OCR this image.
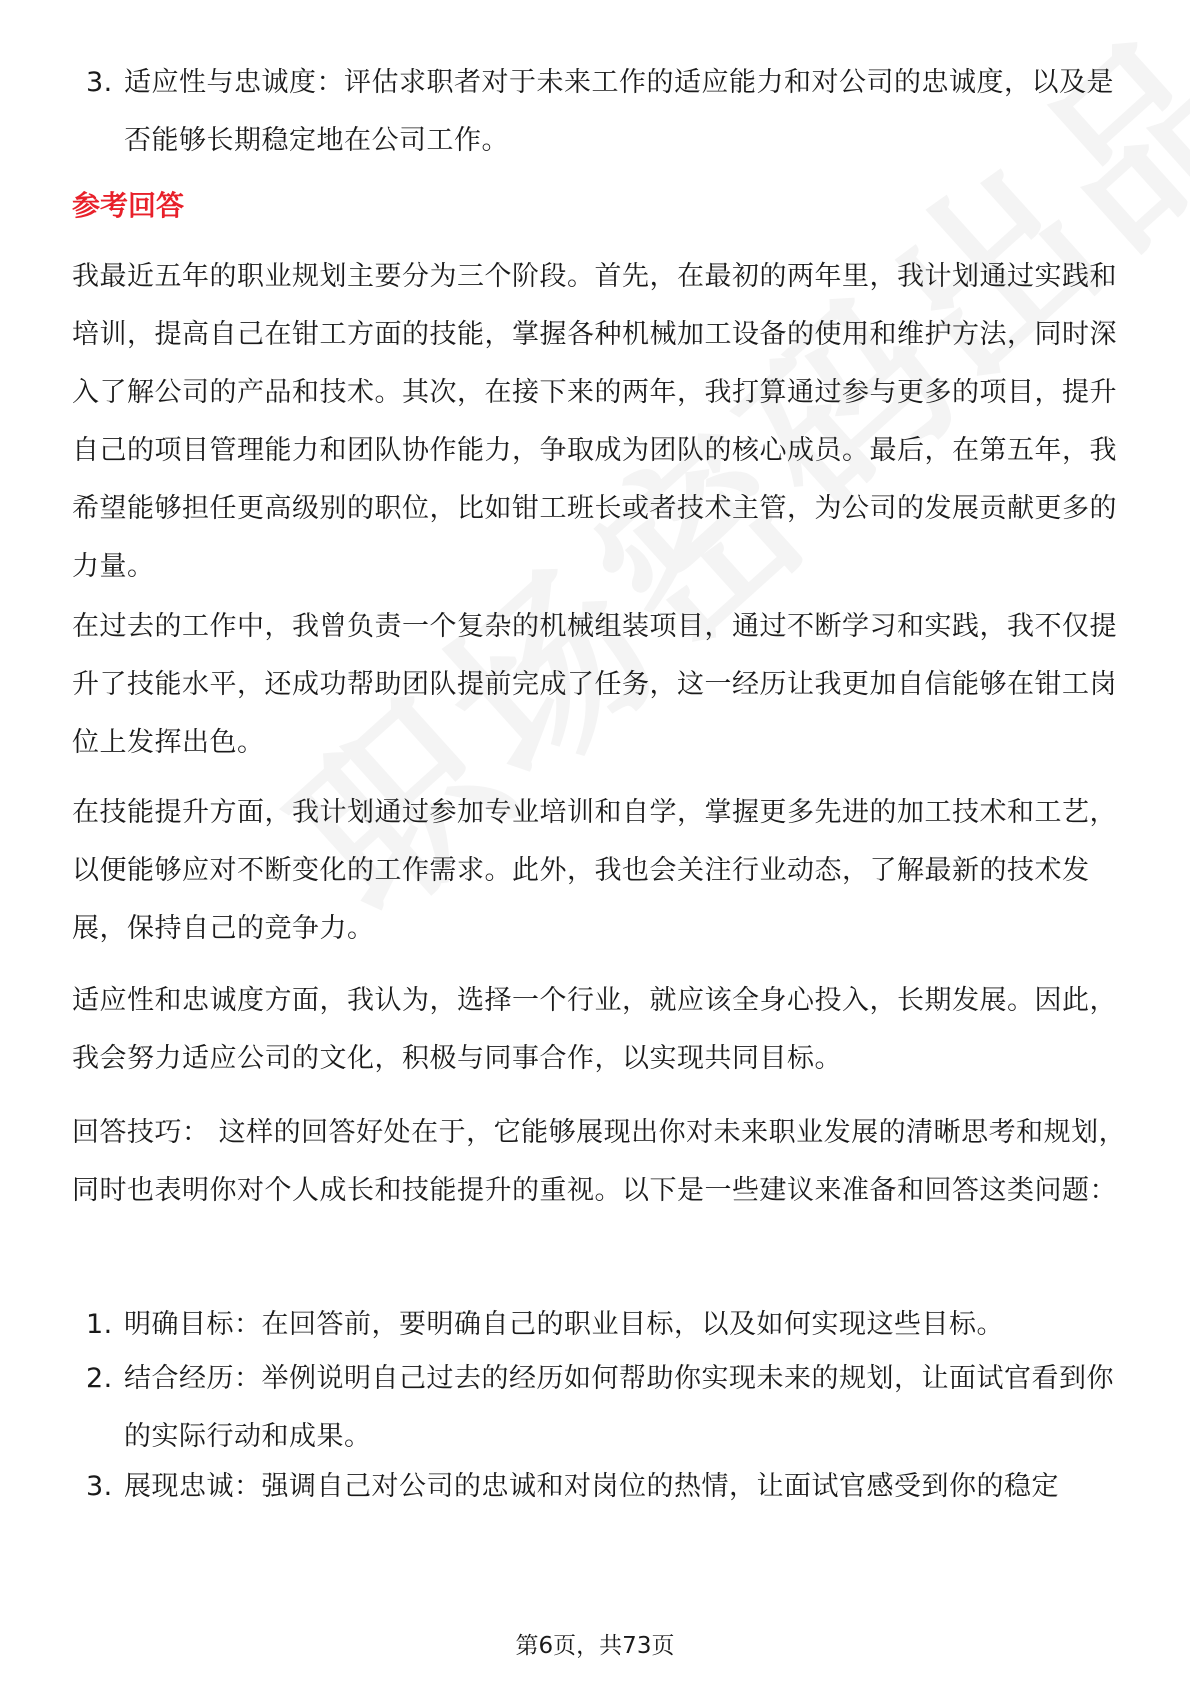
3. 适应性与忠诚度：评估求职者对于未来工作的适应能力和对公司的忠诚度，以及是否能够长期稳定地在公司工作。
参考回答
我最近五年的职业规划主要分为三个阶段。首先，在最初的两年里，我计划通过实践和培训，提高自己在钳工方面的技能，掌握各种机械加工设备的使用和维护方法，同时深入了解公司的产品和技术。其次，在接下来的两年，我打算通过参与更多的项目，提升自己的项目管理能力和团队协作能力，争取成为团队的核心成员。最后，在第五年，我希望能够担任更高级别的职位，比如钳工班长或者技术主管，为公司的发展贡献更多的力量。
在过去的工作中，我曾负责一个复杂的机械组装项目，通过不断学习和实践，我不仅提升了技能水平，还成功帮助团队提前完成了任务，这一经历让我更加自信能够在钳工岗位上发挥出色。
在技能提升方面，我计划通过参加专业培训和自学，掌握更多先进的加工技术和工艺，以便能够应对不断变化的工作需求。此外，我也会关注行业动态，了解最新的技术发展，保持自己的竞争力。
适应性和忠诚度方面，我认为，选择一个行业，就应该全身心投入，长期发展。因此，我会努力适应公司的文化，积极与同事合作，以实现共同目标。
回答技巧： 这样的回答好处在于，它能够展现出你对未来职业发展的清晰思考和规划，同时也表明你对个人成长和技能提升的重视。以下是一些建议来准备和回答这类问题：
1. 明确目标：在回答前，要明确自己的职业目标，以及如何实现这些目标。
2. 结合经历：举例说明自己过去的经历如何帮助你实现未来的规划，让面试官看到你的实际行动和成果。
3. 展现忠诚：强调自己对公司的忠诚和对岗位的热情，让面试官感受到你的稳定
第6页，共73页
